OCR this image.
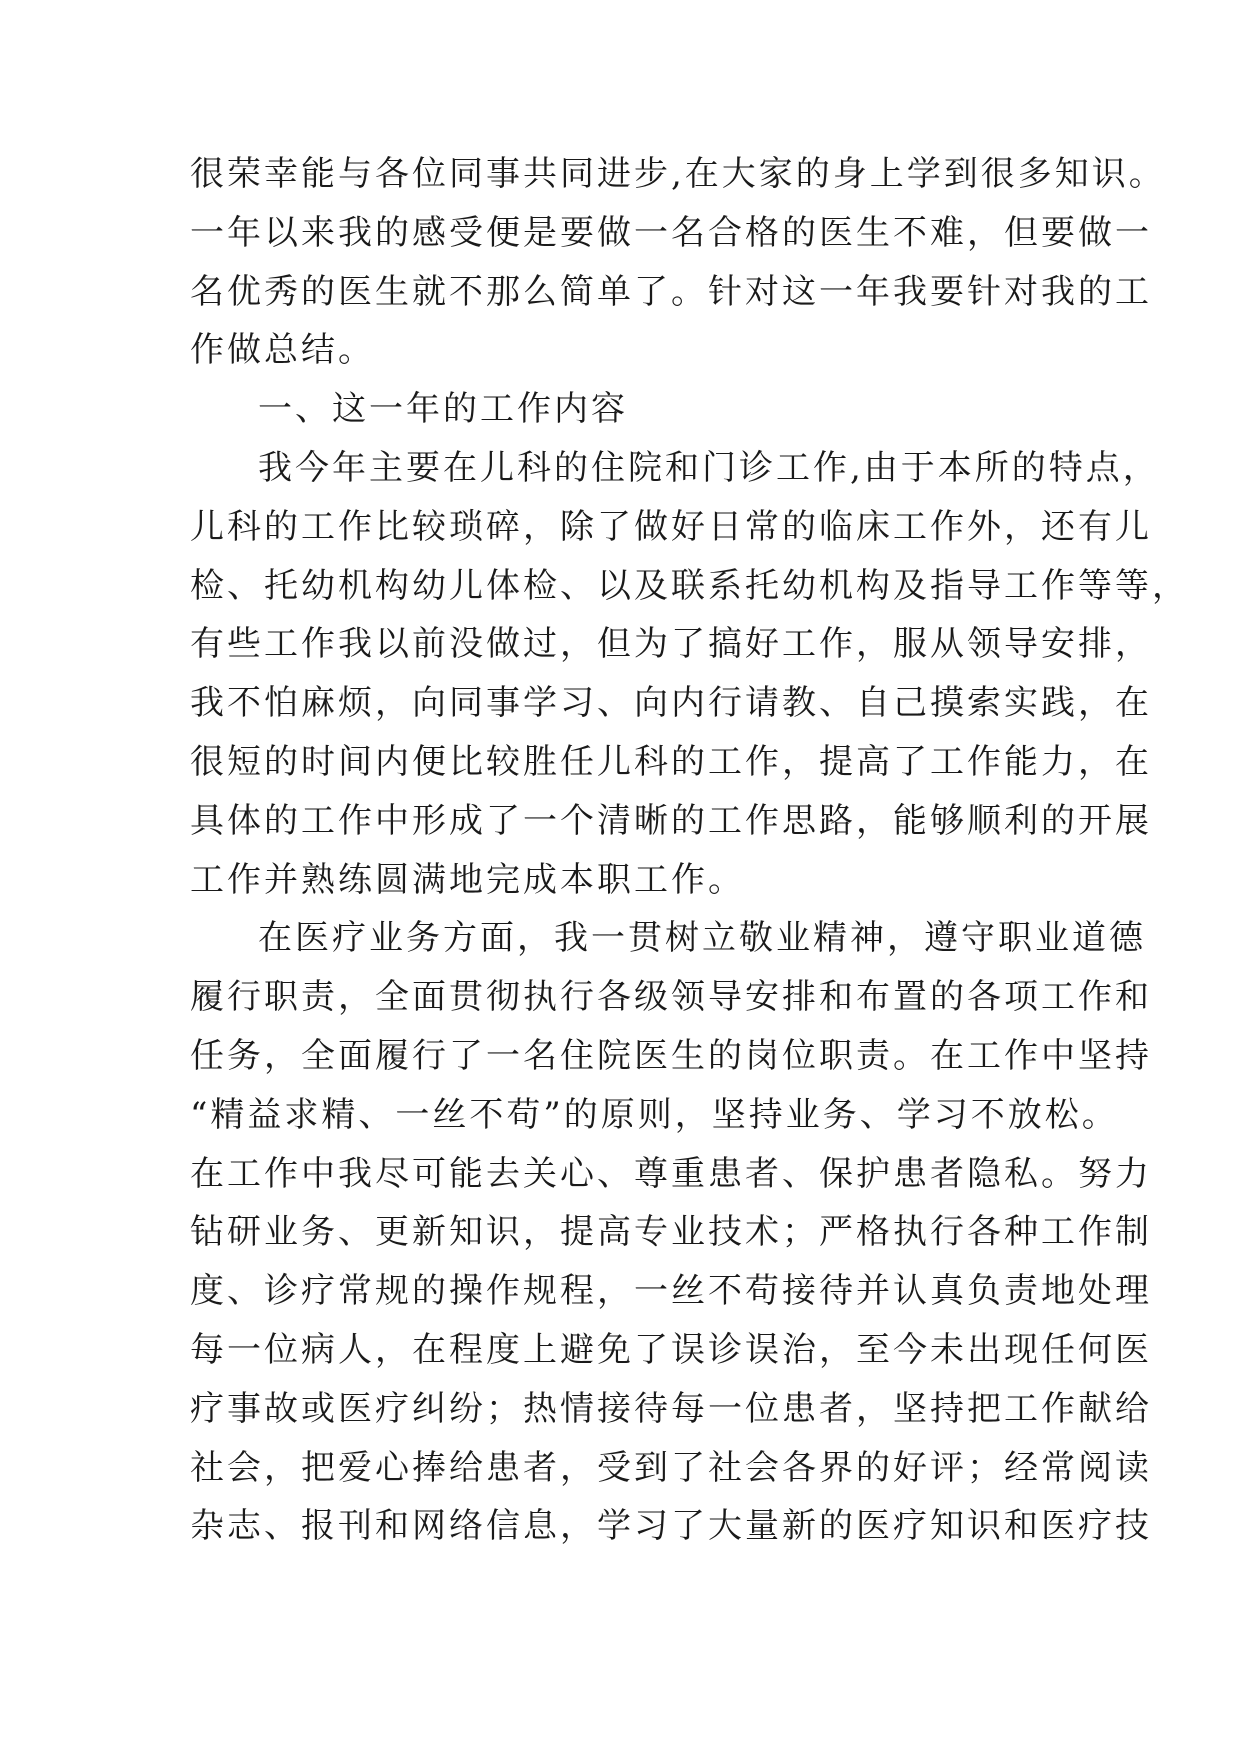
很荣幸能与各位同事共同进步,在大家的身上学到很多知识。
一年以来我的感受便是要做一名合格的医生不难，但要做一
名优秀的医生就不那么简单了。针对这一年我要针对我的工
作做总结。
一、这一年的工作内容
我今年主要在儿科的住院和门诊工作,由于本所的特点，
儿科的工作比较琐碎，除了做好日常的临床工作外，还有儿
检、托幼机构幼儿体检、以及联系托幼机构及指导工作等等，
有些工作我以前没做过，但为了搞好工作，服从领导安排，
我不怕麻烦，向同事学习、向内行请教、自己摸索实践，在
很短的时间内便比较胜任儿科的工作，提高了工作能力，在
具体的工作中形成了一个清晰的工作思路，能够顺利的开展
工作并熟练圆满地完成本职工作。
在医疗业务方面，我一贯树立敬业精神，遵守职业道德
履行职责，全面贯彻执行各级领导安排和布置的各项工作和
任务，全面履行了一名住院医生的岗位职责。在工作中坚持
“精益求精、一丝不苟”的原则，坚持业务、学习不放松。
在工作中我尽可能去关心、尊重患者、保护患者隐私。努力
钻研业务、更新知识，提高专业技术；严格执行各种工作制
度、诊疗常规的操作规程，一丝不苟接待并认真负责地处理
每一位病人，在程度上避免了误诊误治，至今未出现任何医
疗事故或医疗纠纷；热情接待每一位患者，坚持把工作献给
社会，把爱心捧给患者，受到了社会各界的好评；经常阅读
杂志、报刊和网络信息，学习了大量新的医疗知识和医疗技
